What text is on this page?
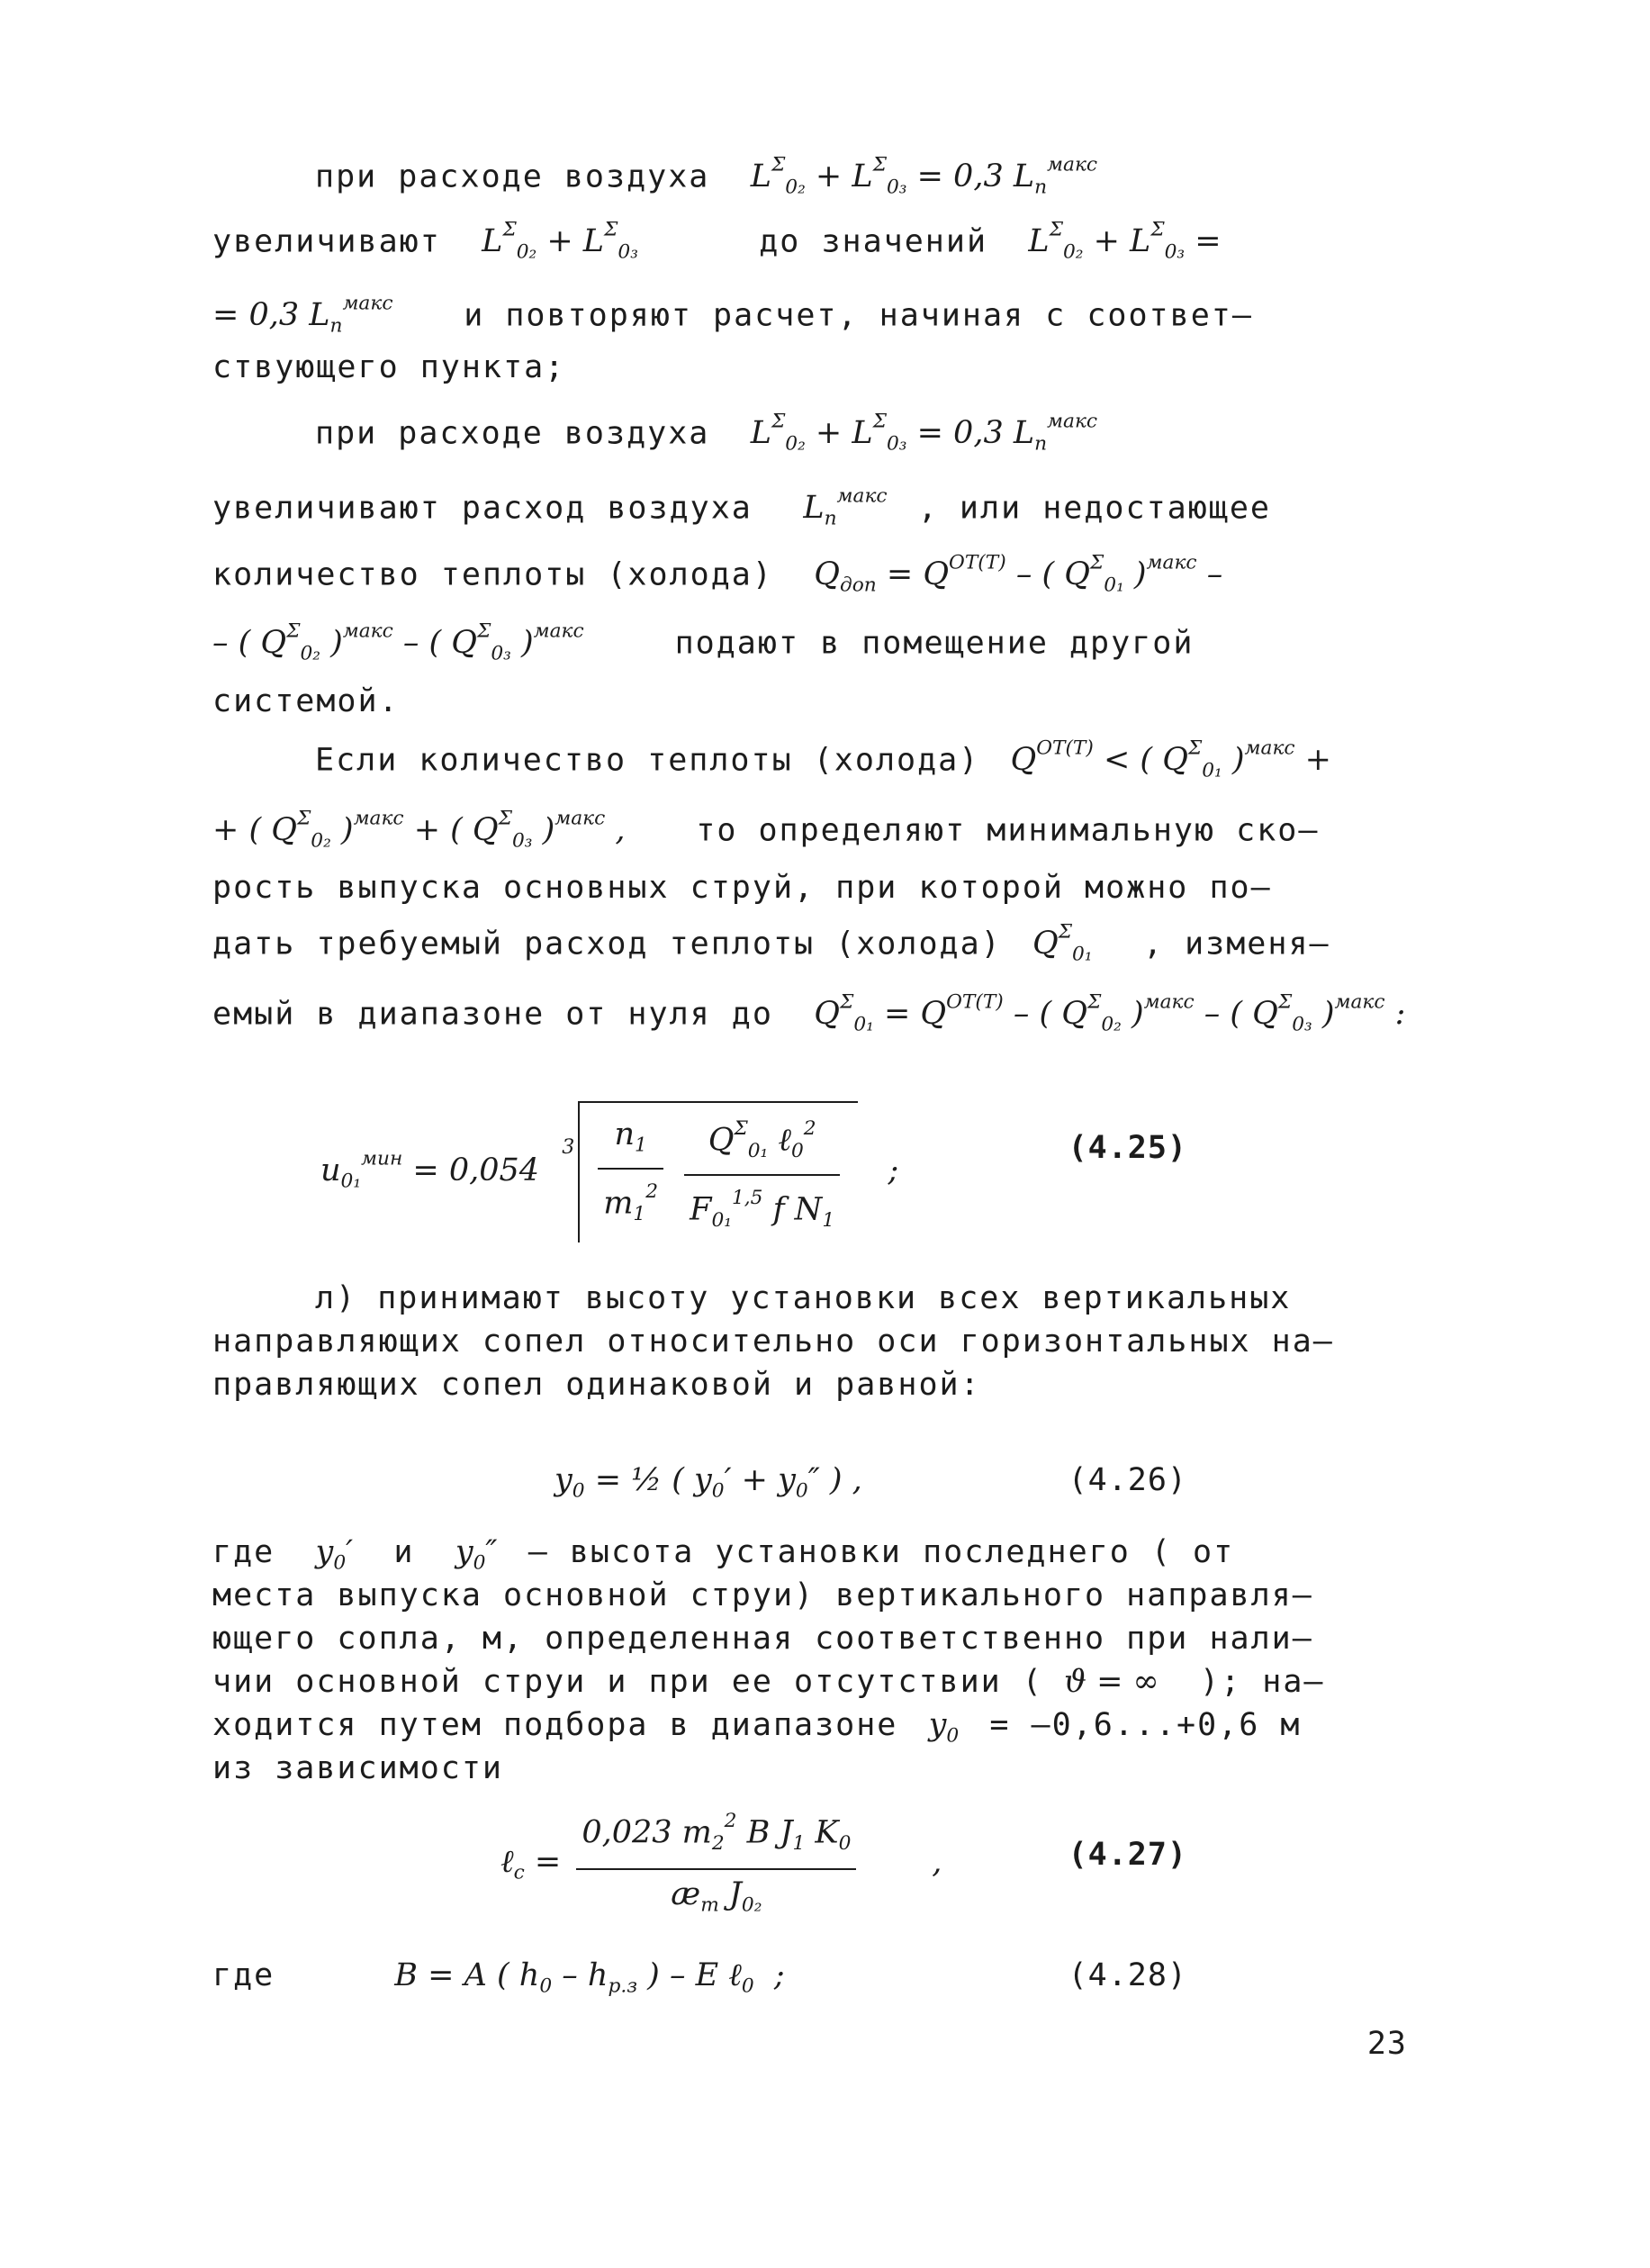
при расходе воздуха   $L^\Sigma_{0_2} + L^\Sigma_{0_3} = 0,3$ $L_п^{макс}$
увеличивают   $L^\Sigma_{0_2} + L^\Sigma_{0_3}$	до значений   $L^\Sigma_{0_2} + L^\Sigma_{0_3}$ =
= 0,3 $L_п^{макс}$ и повторяют расчет, начиная с соответ–
ствующего пункта;
при расходе воздуха   $L^\Sigma_{0_2} + L^\Sigma_{0_3} = 0,3$ $L_п^{макс}$
увеличивают расход воздуха    $L_п^{макс}$ , или недостающее
количество теплоты (холода)   $Q_{доп} = Q^{ОТ(Т)}$ – ( $Q^\Sigma_{0_1}$ )$^{макс}$ –
– ( $Q^\Sigma_{0_2}$ )$^{макс}$ – ( $Q^\Sigma_{0_3}$ )$^{макс}$	подают в помещение другой
системой.
Если количество теплоты (холода)  $Q^{ОТ(Т)}$ < ( $Q^\Sigma_{0_1}$ )$^{макс}$ +
+ ( $Q^\Sigma_{0_2}$ )$^{макс}$ + ( $Q^\Sigma_{0_3}$ )$^{макс}$ ,      то определяют минимальную ско–
рость выпуска основных струй, при которой можно по–
дать требуемый расход теплоты (холода)  $Q^\Sigma_{0_1}$ , изменя–
емый в диапазоне от нуля до   $Q^\Sigma_{0_1} = Q^{ОТ(Т)}$ – ( $Q^\Sigma_{0_2}$ )$^{макс}$ – ( $Q^\Sigma_{0_3}$ )$^{макс}$ :
$u_{0_1}^{мин} = 0,054$ $^3 \frac{n_1}{m_1^2}$
$\frac{Q^\Sigma_{0_1} \ell_0^2}{F_{0_1}^{1,5} f N_1}$ ;
(4.25)
л) принимают высоту установки всех вертикальных
направляющих сопел относительно оси горизонтальных на–
правляющих сопел одинаковой и равной:
$y_0$ = ½ ( $y_0' + y_0''$ ) ,	(4.26)
где   $y_0'$   и   $y_0''$  – высота установки последнего ( от
места выпуска основной струи) вертикального направля–
ющего сопла, м, определенная соответственно при нали–
чии основной струи и при ее отсутствии ( ϑ = ∞   ); на–
ходится путем подбора в диапазоне  $y_0 = -0,6...+0,6$ м
из зависимости
ℓ$_с$ = $\frac{0,023 m_2^2 B J_1 K_0}{æ_m J_{0_2}}$ ,	(4.27)
где	B = A ( $h_0 - h_{р.з}$ ) – E ℓ$_0$  ;	(4.28)
23
